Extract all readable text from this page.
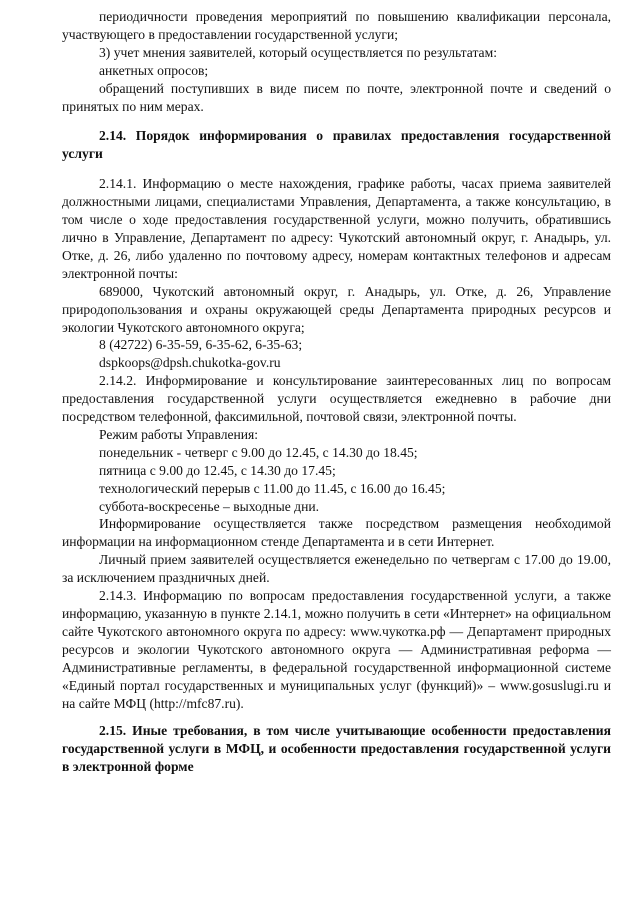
периодичности проведения мероприятий по повышению квалификации персонала, участвующего в предоставлении государственной услуги;

3) учет мнения заявителей, который осуществляется по результатам:

анкетных опросов;

обращений поступивших в виде писем по почте, электронной почте и сведений о принятых по ним мерах.

2.14. Порядок информирования о правилах предоставления государственной услуги

2.14.1. Информацию о месте нахождения, графике работы, часах приема заявителей должностными лицами, специалистами Управления, Департамента, а также консультацию, в том числе о ходе предоставления государственной услуги, можно получить, обратившись лично в Управление, Департамент по адресу: Чукотский автономный округ, г. Анадырь, ул. Отке, д. 26, либо удаленно по почтовому адресу, номерам контактных телефонов и адресам электронной почты:

689000, Чукотский автономный округ, г. Анадырь, ул. Отке, д. 26, Управление природопользования и охраны окружающей среды Департамента природных ресурсов и экологии Чукотского автономного округа;

8 (42722) 6-35-59, 6-35-62, 6-35-63;

dspkoops@dpsh.chukotka-gov.ru

2.14.2. Информирование и консультирование заинтересованных лиц по вопросам предоставления государственной услуги осуществляется ежедневно в рабочие дни посредством телефонной, факсимильной, почтовой связи, электронной почты.

Режим работы Управления:

понедельник - четверг с 9.00 до 12.45, с 14.30 до 18.45;

пятница с 9.00 до 12.45, с 14.30 до 17.45;

технологический перерыв с 11.00 до 11.45, с 16.00 до 16.45;

суббота-воскресенье – выходные дни.

Информирование осуществляется также посредством размещения необходимой информации на информационном стенде Департамента и в сети Интернет.

Личный прием заявителей осуществляется еженедельно по четвергам с 17.00 до 19.00, за исключением праздничных дней.

2.14.3. Информацию по вопросам предоставления государственной услуги, а также информацию, указанную в пункте 2.14.1, можно получить в сети «Интернет» на официальном сайте Чукотского автономного округа по адресу: www.чукотка.рф ― Департамент природных ресурсов и экологии Чукотского автономного округа ― Административная реформа ― Административные регламенты, в федеральной государственной информационной системе «Единый портал государственных и муниципальных услуг (функций)» – www.gosuslugi.ru и на сайте МФЦ (http://mfc87.ru).

2.15. Иные требования, в том числе учитывающие особенности предоставления государственной услуги в МФЦ, и особенности предоставления государственной услуги в электронной форме
